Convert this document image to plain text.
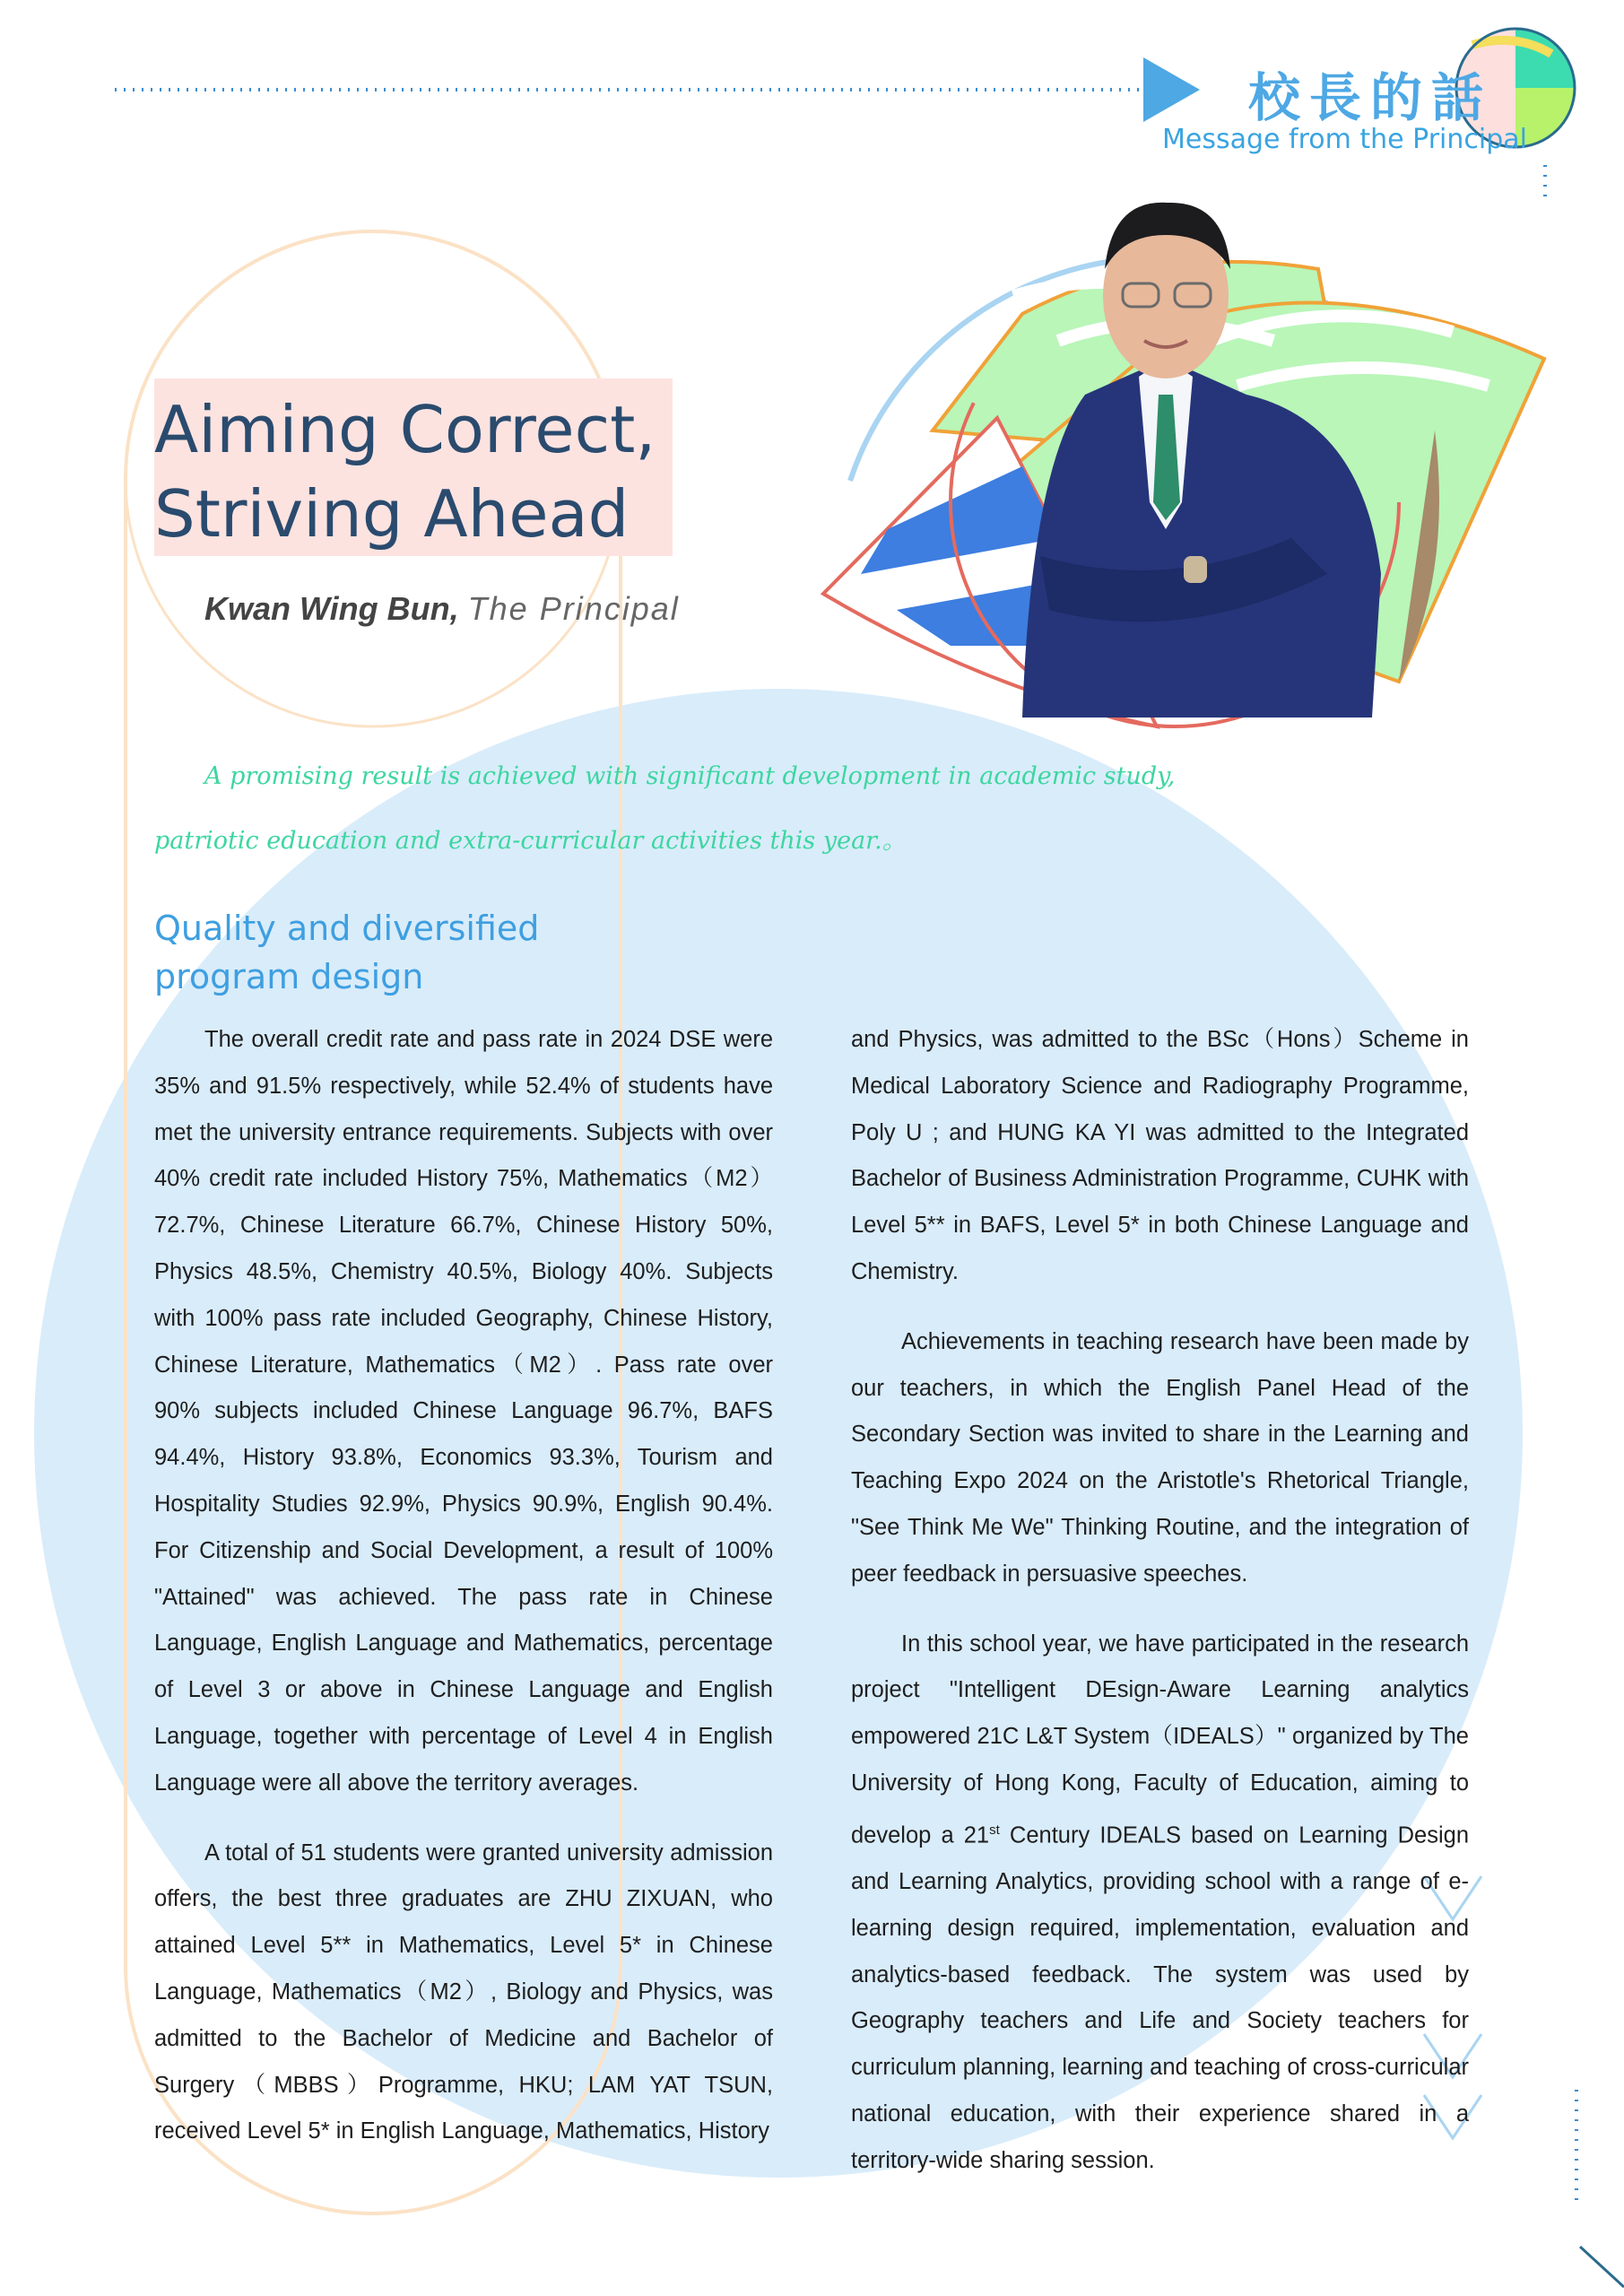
校長的話
Message from the Principal
Aiming Correct,
Striving Ahead
Kwan Wing Bun, The Principal
A promising result is achieved with significant development in academic study, patriotic education and extra-curricular activities this year.。
Quality and diversified
program design

The overall credit rate and pass rate in 2024 DSE were 35% and 91.5% respectively, while 52.4% of students have met the university entrance requirements. Subjects with over 40% credit rate included History 75%, Mathematics（M2）72.7%, Chinese Literature 66.7%, Chinese History 50%, Physics 48.5%, Chemistry 40.5%, Biology 40%. Subjects with 100% pass rate included Geography, Chinese History, Chinese Literature, Mathematics（M2）. Pass rate over 90% subjects included Chinese Language 96.7%, BAFS 94.4%, History 93.8%, Economics 93.3%, Tourism and Hospitality Studies 92.9%, Physics 90.9%, English 90.4%. For Citizenship and Social Development, a result of 100% "Attained" was achieved. The pass rate in Chinese Language, English Language and Mathematics, percentage of Level 3 or above in Chinese Language and English Language, together with percentage of Level 4 in English Language were all above the territory averages.

A total of 51 students were granted university admission offers, the best three graduates are ZHU ZIXUAN, who attained Level 5** in Mathematics, Level 5* in Chinese Language, Mathematics（M2）, Biology and Physics, was admitted to the Bachelor of Medicine and Bachelor of Surgery（MBBS）Programme, HKU; LAM YAT TSUN, received Level 5* in English Language, Mathematics, History

and Physics, was admitted to the BSc（Hons）Scheme in Medical Laboratory Science and Radiography Programme, Poly U ; and HUNG KA YI was admitted to the Integrated Bachelor of Business Administration Programme, CUHK with Level 5** in BAFS, Level 5* in both Chinese Language and Chemistry.

Achievements in teaching research have been made by our teachers, in which the English Panel Head of the Secondary Section was invited to share in the Learning and Teaching Expo 2024 on the Aristotle's Rhetorical Triangle, "See Think Me We" Thinking Routine, and the integration of peer feedback in persuasive speeches.

In this school year, we have participated in the research project "Intelligent DEsign-Aware Learning analytics empowered 21C L&T System（IDEALS）" organized by The University of Hong Kong, Faculty of Education, aiming to develop a 21st Century IDEALS based on Learning Design and Learning Analytics, providing school with a range of e-learning design required, implementation, evaluation and analytics-based feedback. The system was used by Geography teachers and Life and Society teachers for curriculum planning, learning and teaching of cross-curricular national education, with their experience shared in a territory-wide sharing session.
